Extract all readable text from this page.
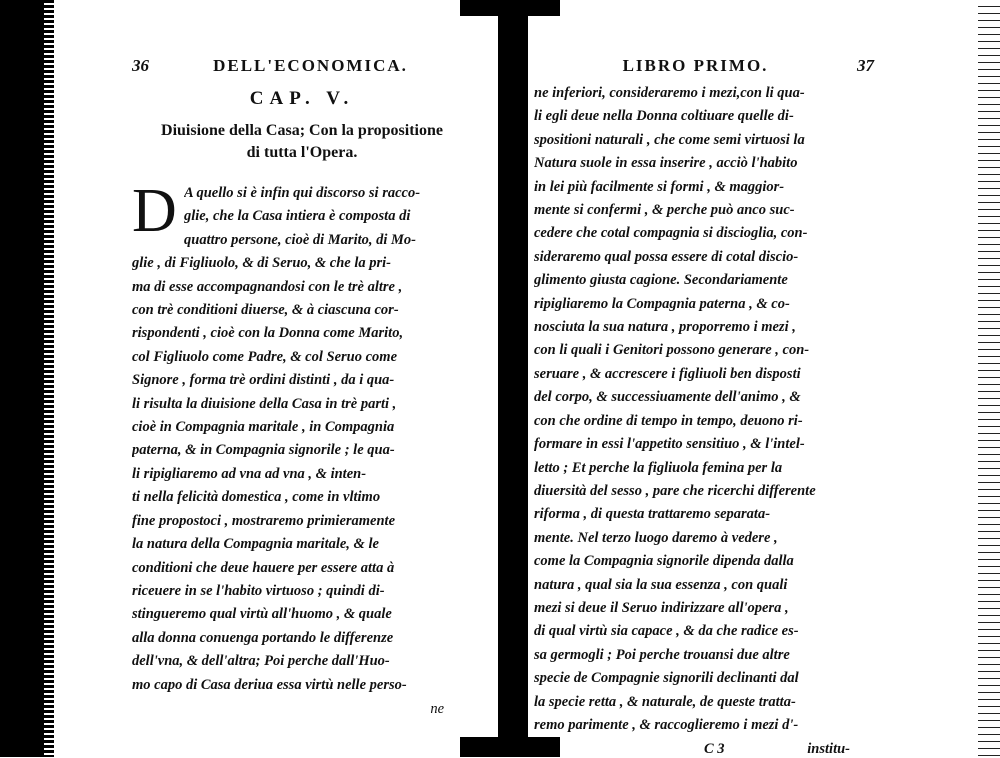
36	DELL'ECONOMICA.
CAP. V.
Diuisione della Casa; Con la propositione
di tutta l'Opera.
D A quello si è infin qui discorso si racco-
glie, che la Casa intiera è composta di
quattro persone, cioè di Marito, di Mo-
glie , di Figliuolo, & di Seruo, & che la pri-
ma di esse accompagnandosi con le trè altre ,
con trè conditioni diuerse, & à ciascuna cor-
rispondenti , cioè con la Donna come Marito,
col Figliuolo come Padre, & col Seruo come
Signore , forma trè ordini distinti , da i qua-
li risulta la diuisione della Casa in trè parti ,
cioè in Compagnia maritale , in Compagnia
paterna, & in Compagnia signorile ; le qua-
li ripigliaremo ad vna ad vna , & inten-
ti nella felicità domestica , come in vltimo
fine propostoci , mostraremo primieramente
la natura della Compagnia maritale, & le
conditioni che deue hauere per essere atta à
riceuere in se l'habito virtuoso ; quindi di-
stingueremo qual virtù all'huomo , & quale
alla donna conuenga portando le differenze
dell'vna, & dell'altra; Poi perche dall'Huo-
mo capo di Casa deriua essa virtù nelle perso-
ne
LIBRO PRIMO.	37
ne inferiori, consideraremo i mezi,con li qua-
li egli deue nella Donna coltiuare quelle di-
spositioni naturali , che come semi virtuosi la
Natura suole in essa inserire , acciò l'habito
in lei più facilmente si formi , & maggior-
mente si confermi , & perche può anco suc-
cedere che cotal compagnia si discioglia, con-
sideraremo qual possa essere di cotal discio-
glimento giusta cagione. Secondariamente
ripigliaremo la Compagnia paterna , & co-
nosciuta la sua natura , proporremo i mezi ,
con li quali i Genitori possono generare , con-
seruare , & accrescere i figliuoli ben disposti
del corpo, & successiuamente dell'animo , &
con che ordine di tempo in tempo, deuono ri-
formare in essi l'appetito sensitiuo , & l'intel-
letto ; Et perche la figliuola femina per la
diuersità del sesso , pare che ricerchi differente
riforma , di questa trattaremo separata-
mente. Nel terzo luogo daremo à vedere ,
come la Compagnia signorile dipenda dalla
natura , qual sia la sua essenza , con quali
mezi si deue il Seruo indirizzare all'opera ,
di qual virtù sia capace , & da che radice es-
sa germogli ; Poi perche trouansi due altre
specie de Compagnie signorili declinanti dal
la specie retta , & naturale, de queste tratta-
remo parimente , & raccoglieremo i mezi d'-
C 3	institu-
